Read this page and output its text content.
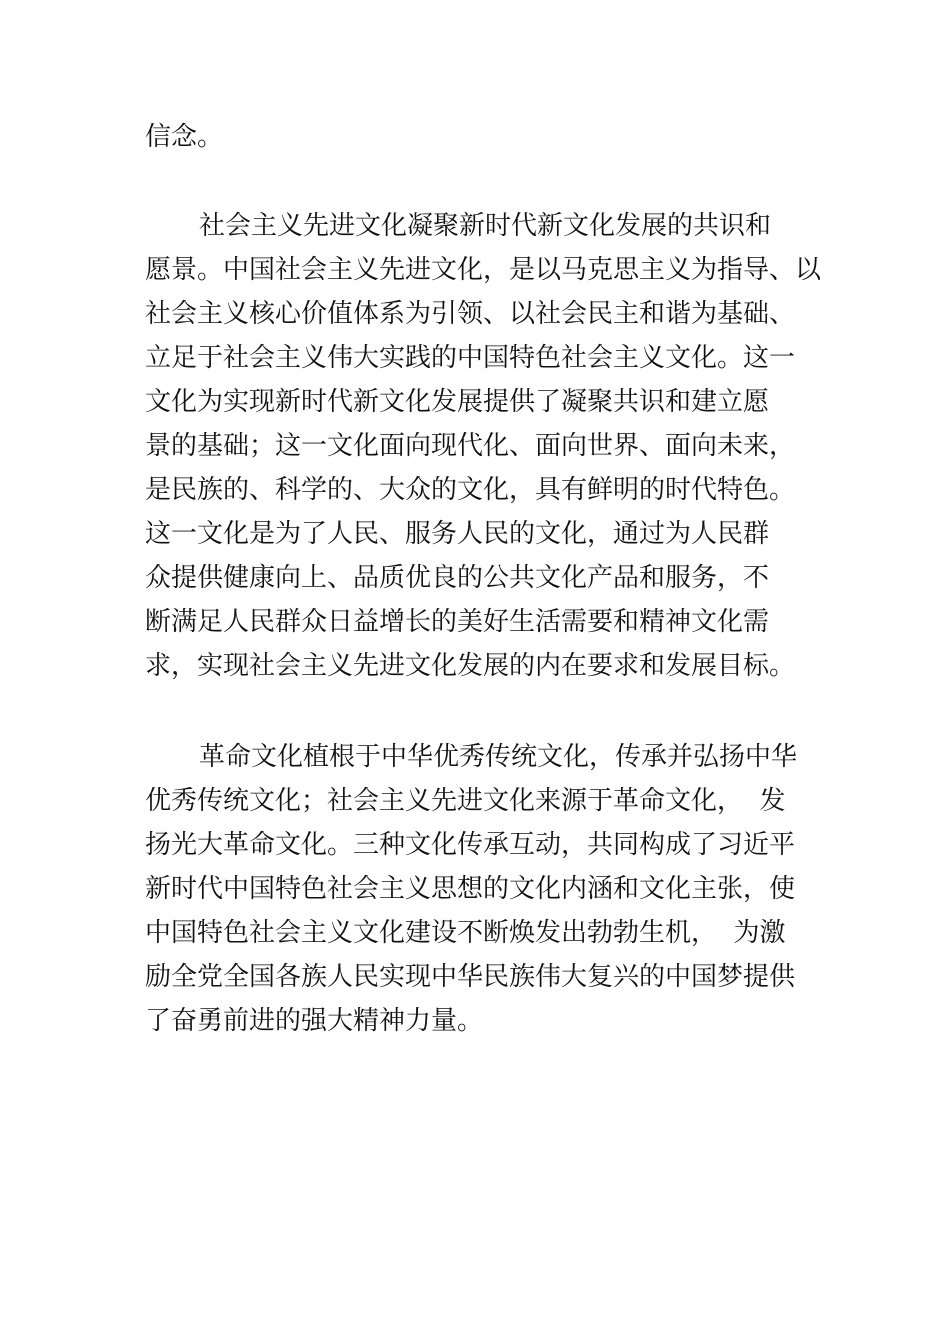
信念。
社会主义先进文化凝聚新时代新文化发展的共识和
愿景。中国社会主义先进文化，是以马克思主义为指导、以
社会主义核心价值体系为引领、以社会民主和谐为基础、
立足于社会主义伟大实践的中国特色社会主义文化。这一
文化为实现新时代新文化发展提供了凝聚共识和建立愿
景的基础；这一文化面向现代化、面向世界、面向未来，
是民族的、科学的、大众的文化，具有鲜明的时代特色。
这一文化是为了人民、服务人民的文化，通过为人民群
众提供健康向上、品质优良的公共文化产品和服务，不
断满足人民群众日益增长的美好生活需要和精神文化需
求，实现社会主义先进文化发展的内在要求和发展目标。
革命文化植根于中华优秀传统文化，传承并弘扬中华
优秀传统文化；社会主义先进文化来源于革命文化，  发
扬光大革命文化。三种文化传承互动，共同构成了习近平
新时代中国特色社会主义思想的文化内涵和文化主张，使
中国特色社会主义文化建设不断焕发出勃勃生机，  为激
励全党全国各族人民实现中华民族伟大复兴的中国梦提供
了奋勇前进的强大精神力量。
